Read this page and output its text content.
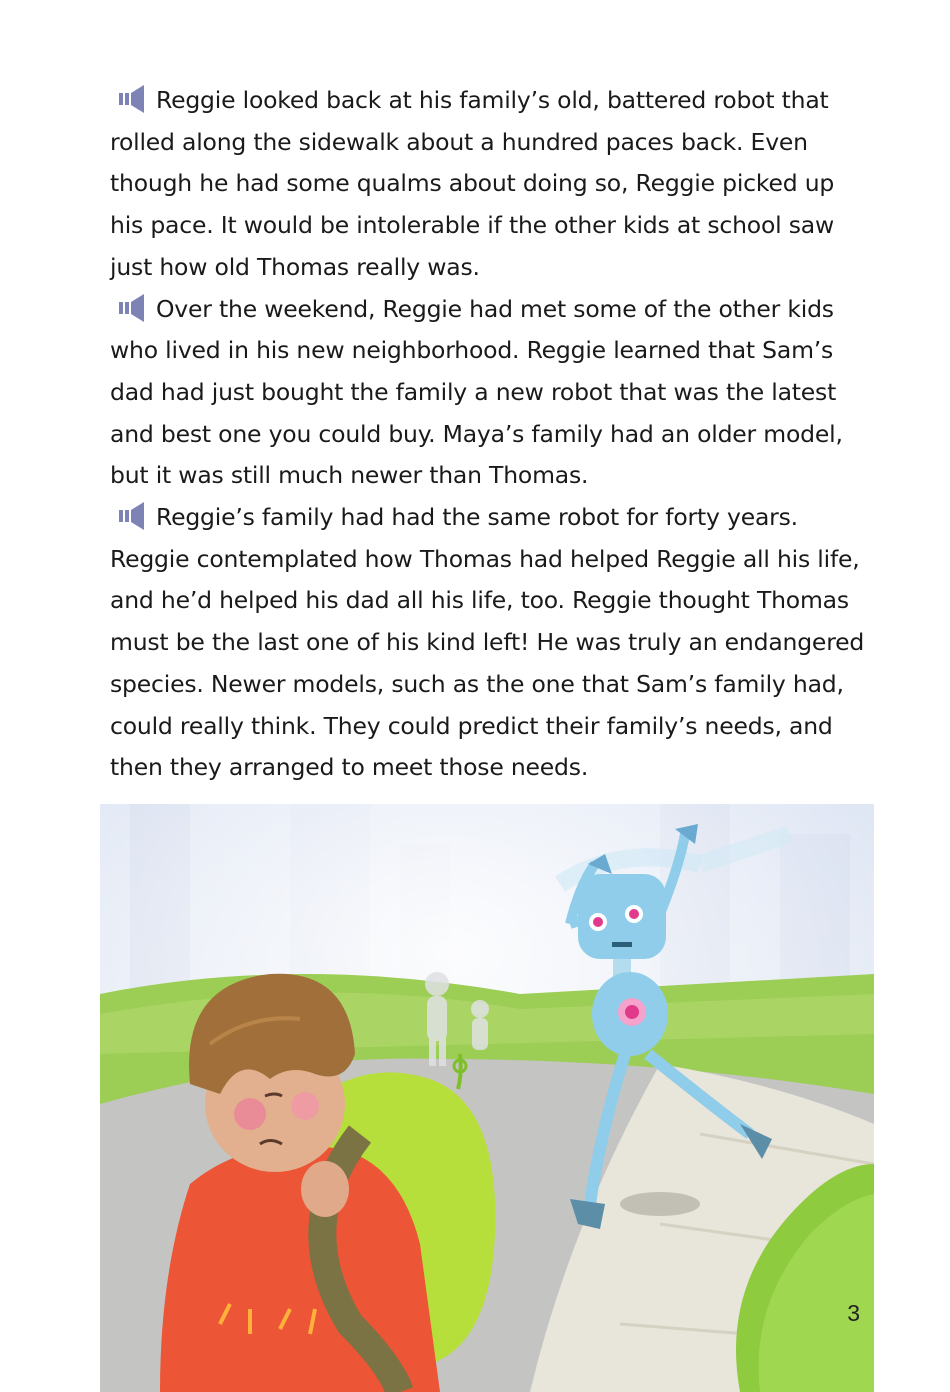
Reggie looked back at his family’s old, battered robot that rolled along the sidewalk about a hundred paces back. Even though he had some qualms about doing so, Reggie picked up his pace. It would be intolerable if the other kids at school saw just how old Thomas really was.

Over the weekend, Reggie had met some of the other kids who lived in his new neighborhood. Reggie learned that Sam’s dad had just bought the family a new robot that was the latest and best one you could buy. Maya’s family had an older model, but it was still much newer than Thomas.

Reggie’s family had had the same robot for forty years. Reggie contemplated how Thomas had helped Reggie all his life, and he’d helped his dad all his life, too. Reggie thought Thomas must be the last one of his kind left! He was truly an endangered species. Newer models, such as the one that Sam’s family had, could really think. They could predict their family’s needs, and then they arranged to meet those needs.

3
